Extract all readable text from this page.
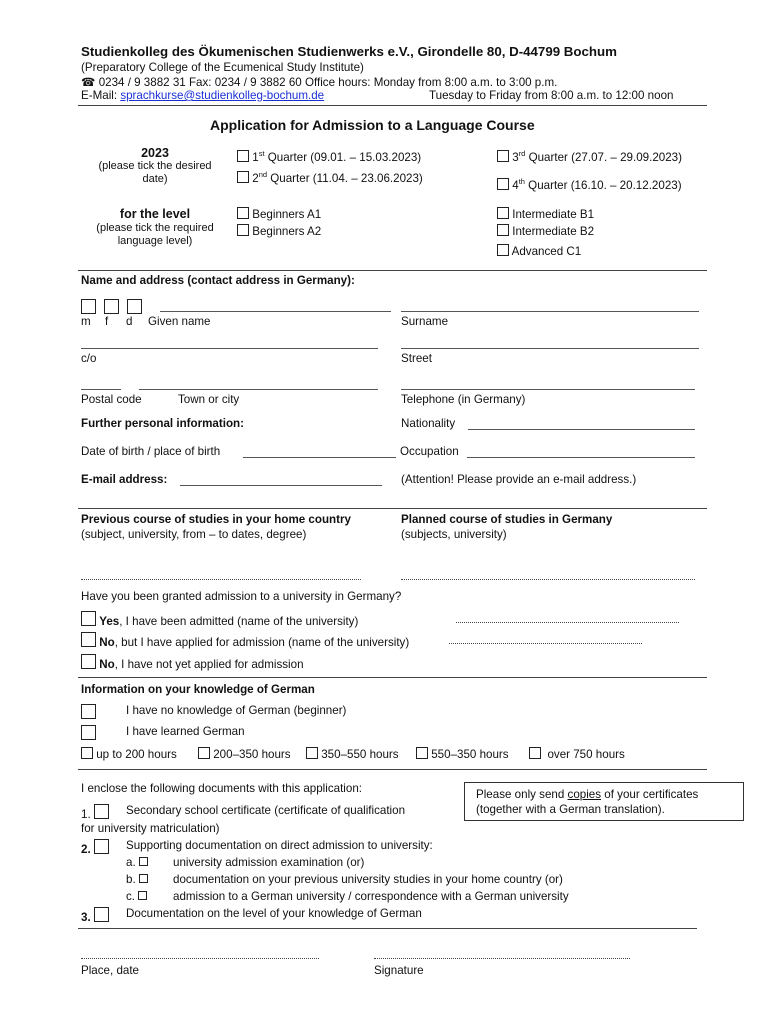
Studienkolleg des Ökumenischen Studienwerks e.V., Girondelle 80, D-44799 Bochum
(Preparatory College of the Ecumenical Study Institute)
☎ 0234 / 9 3882 31 Fax: 0234 / 9 3882 60 Office hours: Monday from 8:00 a.m. to 3:00 p.m.
E-Mail: sprachkurse@studienkolleg-bochum.de	Tuesday to Friday from 8:00 a.m. to 12:00 noon
Application for Admission to a Language Course
2023
(please tick the desired date)
1st Quarter (09.01. – 15.03.2023)
2nd Quarter (11.04. – 23.06.2023)
3rd Quarter (27.07. – 29.09.2023)
4th Quarter (16.10. – 20.12.2023)
for the level
(please tick the required language level)
Beginners A1
Beginners A2
Intermediate B1
Intermediate B2
Advanced C1
Name and address (contact address in Germany):

m f d Given name	Surname
c/o	Street
Postal code	Town or city	Telephone (in Germany)
Further personal information:	Nationality
Date of birth / place of birth	Occupation
E-mail address:	(Attention! Please provide an e-mail address.)
Previous course of studies in your home country
(subject, university, from – to dates, degree)
Planned course of studies in Germany
(subjects, university)
Have you been granted admission to a university in Germany?
Yes, I have been admitted (name of the university)
No, but I have applied for admission (name of the university)
No, I have not yet applied for admission
Information on your knowledge of German
I have no knowledge of German (beginner)
I have learned German
up to 200 hours	200–350 hours	350–550 hours	550–350 hours	over 750 hours
I enclose the following documents with this application:	Please only send copies of your certificates
(together with a German translation).
1.	Secondary school certificate (certificate of qualification
for university matriculation)
2.	Supporting documentation on direct admission to university:
a.	university admission examination (or)
b.	documentation on your previous university studies in your home country (or)
c.	admission to a German university / correspondence with a German university
3.	Documentation on the level of your knowledge of German
Place, date	Signature
